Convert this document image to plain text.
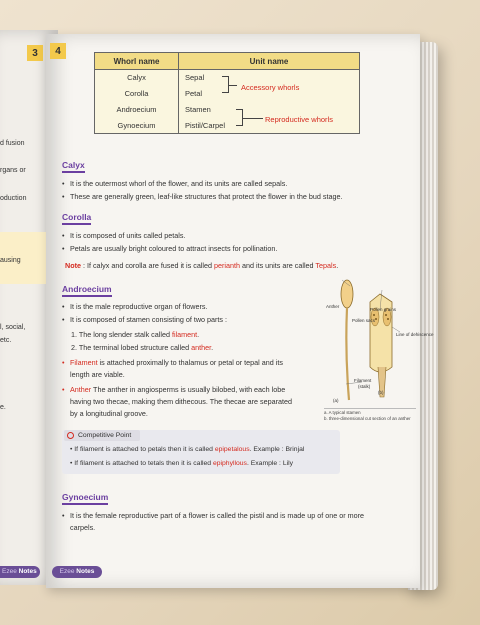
3
d fusion
rgans or
oduction
ausing
l, social,
etc.
e.
Ezee Notes
4
Whorl name	Unit name
Calyx	Sepal
Corolla	Petal
Androecium	Stamen
Gynoecium	Pistil/Carpel
Accessory whorls
Reproductive whorls
Calyx
• It is the outermost whorl of the flower, and its units are called sepals.
• These are generally green, leaf-like structures that protect the flower in the bud stage.
Corolla
• It is composed of units called petals.
• Petals are usually bright coloured to attract insects for pollination.
Note : If calyx and corolla are fused it is called perianth and its units are called Tepals.
Androecium
• It is the male reproductive organ of flowers.
• It is composed of stamen consisting of two parts :
1. The long slender stalk called filament.
2. The terminal lobed structure called anther.
• Filament is attached proximally to thalamus or petal or tepal and its
length are viable.
• Anther The anther in angiosperms is usually bilobed, with each lobe
having two thecae, making them dithecous. The thecae are separated
by a longitudinal groove.
Anther
Pollen grains
Pollen sacs
Line of dehiscence
Filament
(stalk)
(a)
(b)
a. A typical stamen
b. three-dimensional cut section of an anther
Competitive Point
• If filament is attached to petals then it is called epipetalous. Example : Brinjal
• If filament is attached to tetals then it is called epiphyllous. Example : Lily
Gynoecium
• It is the female reproductive part of a flower is called the pistil and is made up of one or more
carpels.
Ezee Notes
